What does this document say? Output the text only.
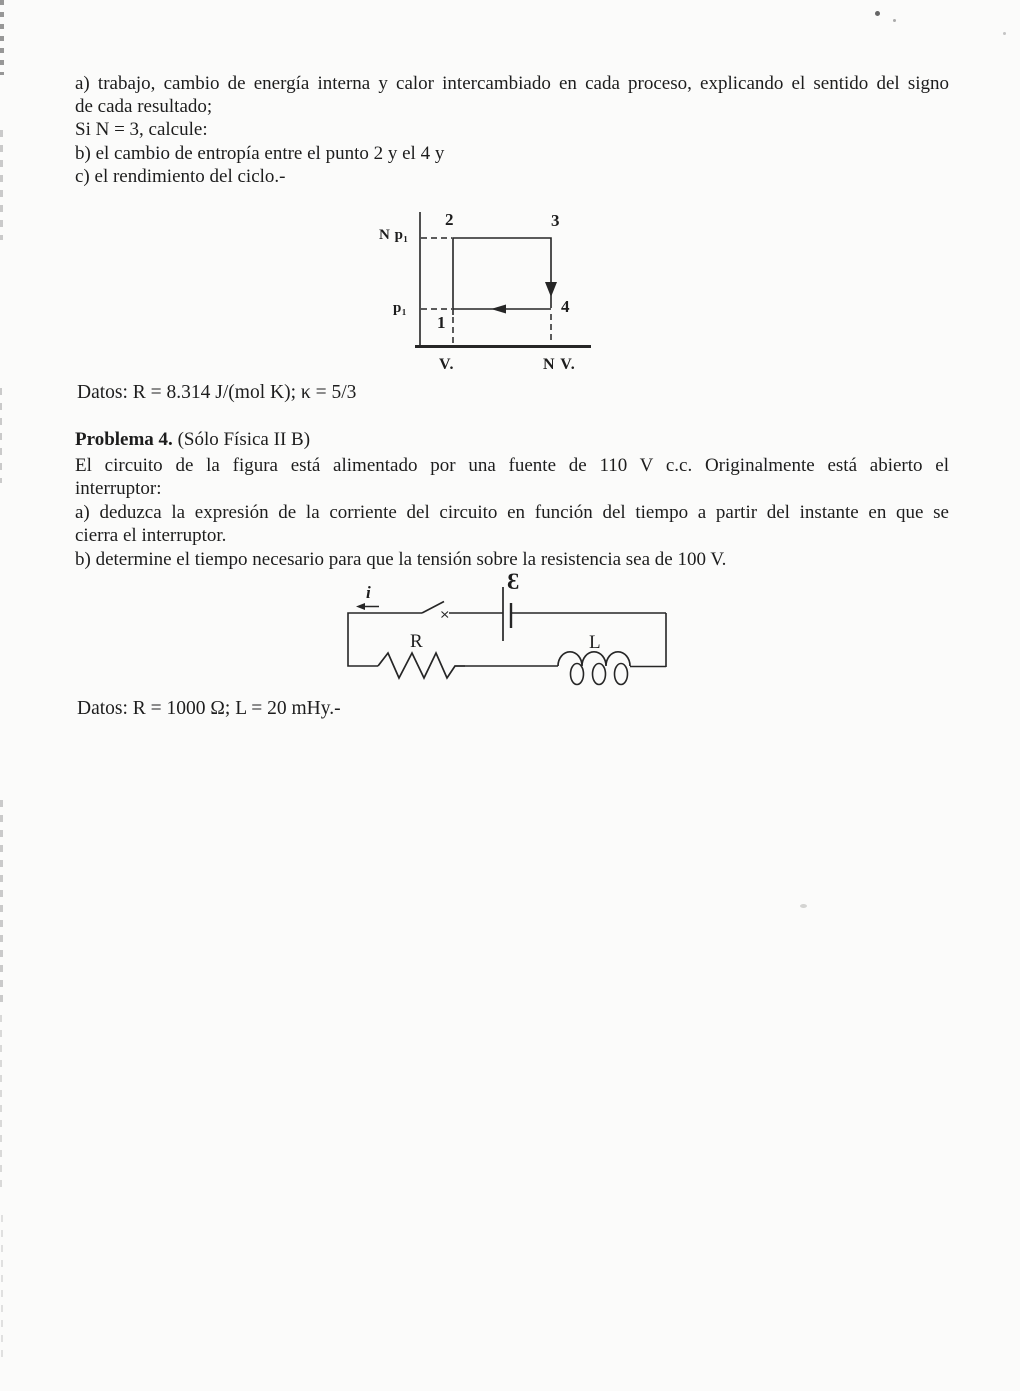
a) trabajo, cambio de energía interna y calor intercambiado en cada proceso, explicando el sentido del signo
de cada resultado;
Si N = 3, calcule:
b) el cambio de entropía entre el punto 2 y el 4 y
c) el rendimiento del ciclo.-
N p₁
p₁
2	3
1
4
V.	N V.
Datos: R = 8.314 J/(mol K); κ = 5/3
Problema 4. (Sólo Física II B)
El circuito de la figura está alimentado por una fuente de 110 V c.c. Originalmente está abierto el
interruptor:
a) deduzca la expresión de la corriente del circuito en función del tiempo a partir del instante en que se
cierra el interruptor.
b) determine el tiempo necesario para que la tensión sobre la resistencia sea de 100 V.
i	Ɛ
R	L
Datos: R = 1000 Ω; L = 20 mHy.-
